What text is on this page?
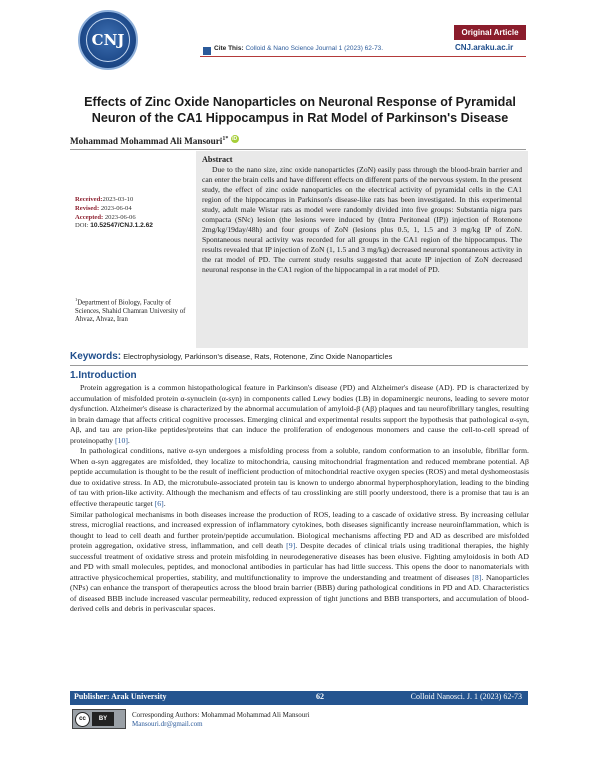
CNJ	Original Article
Cite This: Colloid & Nano Science Journal 1 (2023) 62-73.	CNJ.araku.ac.ir
Effects of Zinc Oxide Nanoparticles on Neuronal Response of Pyramidal Neuron of the CA1 Hippocampus in Rat Model of Parkinson's Disease
Mohammad Mohammad Ali Mansouri$^{1*}$ iD
Received:2023-03-10
Revised: 2023-06-04
Accepted: 2023-06-06
DOI: 10.52547/CNJ.1.2.62
$^1$Department of Biology, Faculty of Sciences, Shahid Chamran University of Ahvaz, Ahvaz, Iran
Abstract
Due to the nano size, zinc oxide nanoparticles (ZoN) easily pass through the blood-brain barrier and can enter the brain cells and have different effects on different parts of the nervous system. In the present study, the effect of zinc oxide nanoparticles on the electrical activity of pyramidal cells in the CA1 region of the hippocampus in Parkinson's disease-like rats has been investigated. In this experimental study, adult male Wistar rats as model were randomly divided into five groups: Substantia nigra pars compacta (SNc) lesion (the lesions were induced by (Intra Peritoneal (IP)) injection of Rotenone 2mg/kg/19day/48h) and four groups of ZoN (lesions plus 0.5, 1, 1.5 and 3 mg/kg IP of ZoN. Spontaneous neural activity was recorded for all groups in the CA1 region of the hippocampus. The results revealed that IP injection of ZoN (1, 1.5 and 3 mg/kg) decreased neuronal spontaneous activity in the rat model of PD. The current study results suggested that acute IP injection of ZoN decreased neuronal response in the CA1 region of the hippocampal in a rat model of PD.
Keywords: Electrophysiology, Parkinson's disease, Rats, Rotenone, Zinc Oxide Nanoparticles
1.Introduction

Protein aggregation is a common histopathological feature in Parkinson's disease (PD) and Alzheimer's disease (AD). PD is characterized by accumulation of misfolded protein α-synuclein (α-syn) in components called Lewy bodies (LB) in dopaminergic neurons, leading to severe motor dysfunction. Alzheimer's disease is characterized by the abnormal accumulation of amyloid-β (Aβ) plaques and tau neurofibrillary tangles, resulting in brain damage that affects critical cognitive processes. Emerging clinical and experimental results support the hypothesis that pathological α-syn, Aβ, and tau are prion-like peptides/proteins that can induce the proliferation of endogenous monomers and cause the cell-to-cell spread of proteinopathy [10].

In pathological conditions, native α-syn undergoes a misfolding process from a soluble, random conformation to an insoluble, fibrillar form. When α-syn aggregates are misfolded, they localize to mitochondria, causing mitochondrial fragmentation and reduced membrane potential. Aβ peptide accumulation is thought to be the result of inefficient production of mitochondrial reactive oxygen species (ROS) and metal dyshomeostasis due to oxidative stress. In AD, the microtubule-associated protein tau is known to undergo abnormal hyperphosphorylation, leading to the binding of tau with prion-like activity. Although the mechanism and effects of tau crosslinking are still poorly understood, there is a promise that tau is an effective therapeutic target [6].

Similar pathological mechanisms in both diseases increase the production of ROS, leading to a cascade of oxidative stress. By increasing cellular stress, microglial reactions, and increased expression of inflammatory cytokines, both diseases significantly increase neuroinflammation, which is thought to lead to cell death and further protein/peptide accumulation. Biological mechanisms affecting PD and AD as described are misfolded protein aggregation, oxidative stress, inflammation, and cell death [9]. Despite decades of clinical trials using traditional therapies, the highly successful treatment of oxidative stress and protein misfolding in neurodegenerative diseases has been elusive. Fighting amyloidosis in both AD and PD with small molecules, peptides, and monoclonal antibodies in particular has had little success. This opens the door to nanomaterials with attractive physicochemical properties, stability, and multifunctionality to improve the understanding and treatment of diseases [8]. Nanoparticles (NPs) can enhance the transport of therapeutics across the blood brain barrier (BBB) during pathological conditions in PD and AD. Characteristics of diseased BBB include increased vascular permeability, reduced expression of tight junctions and BBB transporters, and accumulation of blood-derived cells and debris in perivascular spaces.

Publisher: Arak University	62	Colloid Nanosci. J. 1 (2023) 62-73
cc	BY	Corresponding Authors: Mohammad Mohammad Ali Mansouri
Mansouri.dr@gmail.com
